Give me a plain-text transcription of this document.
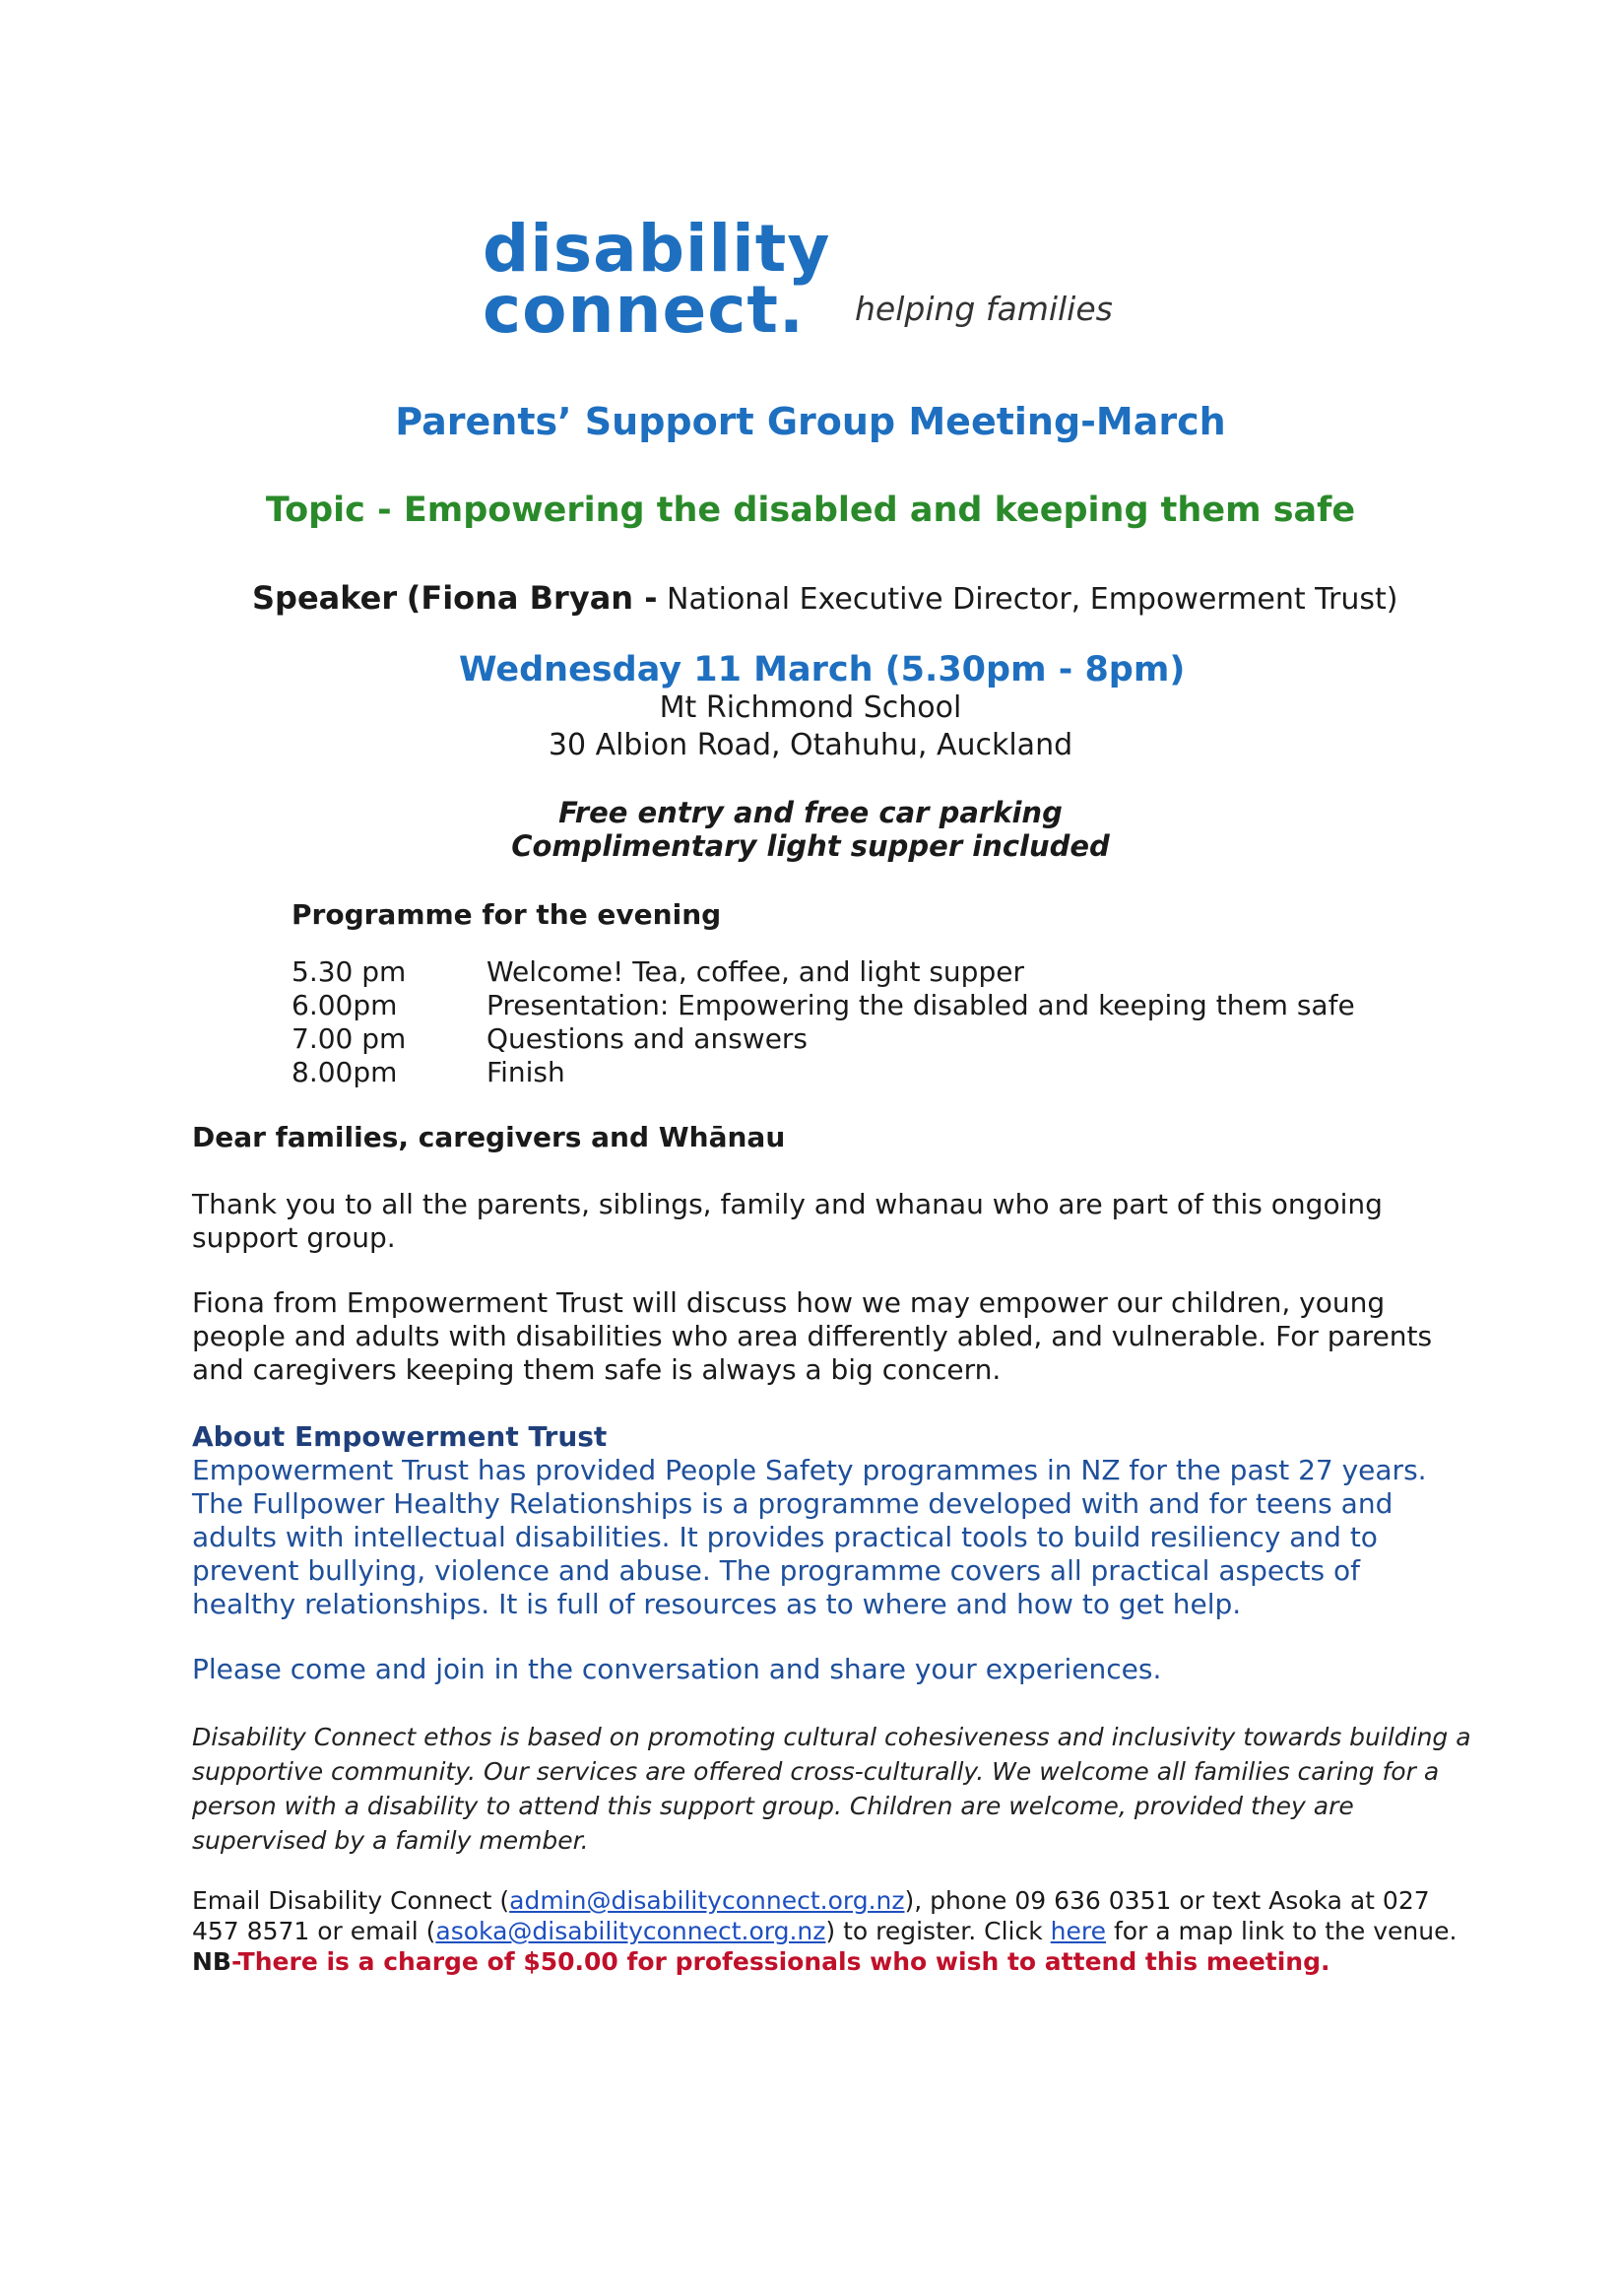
disability
connect.	helping families
Parents’ Support Group Meeting-March
Topic - Empowering the disabled and keeping them safe
Speaker (Fiona Bryan - National Executive Director, Empowerment Trust)
Wednesday 11 March (5.30pm - 8pm)
Mt Richmond School
30 Albion Road, Otahuhu, Auckland
Free entry and free car parking
Complimentary light supper included
Programme for the evening
5.30 pm	Welcome! Tea, coffee, and light supper
6.00pm	Presentation: Empowering the disabled and keeping them safe
7.00 pm	Questions and answers
8.00pm	Finish
Dear families, caregivers and Whānau
Thank you to all the parents, siblings, family and whanau who are part of this ongoing support group.
Fiona from Empowerment Trust will discuss how we may empower our children, young people and adults with disabilities who area differently abled, and vulnerable. For parents and caregivers keeping them safe is always a big concern.
About Empowerment Trust
Empowerment Trust has provided People Safety programmes in NZ for the past 27 years. The Fullpower Healthy Relationships is a programme developed with and for teens and adults with intellectual disabilities. It provides practical tools to build resiliency and to prevent bullying, violence and abuse. The programme covers all practical aspects of healthy relationships. It is full of resources as to where and how to get help.
Please come and join in the conversation and share your experiences.
Disability Connect ethos is based on promoting cultural cohesiveness and inclusivity towards building a supportive community. Our services are offered cross-culturally. We welcome all families caring for a person with a disability to attend this support group. Children are welcome, provided they are supervised by a family member.
Email Disability Connect (admin@disabilityconnect.org.nz), phone 09 636 0351 or text Asoka at 027 457 8571 or email (asoka@disabilityconnect.org.nz) to register. Click here for a map link to the venue. NB-There is a charge of $50.00 for professionals who wish to attend this meeting.
